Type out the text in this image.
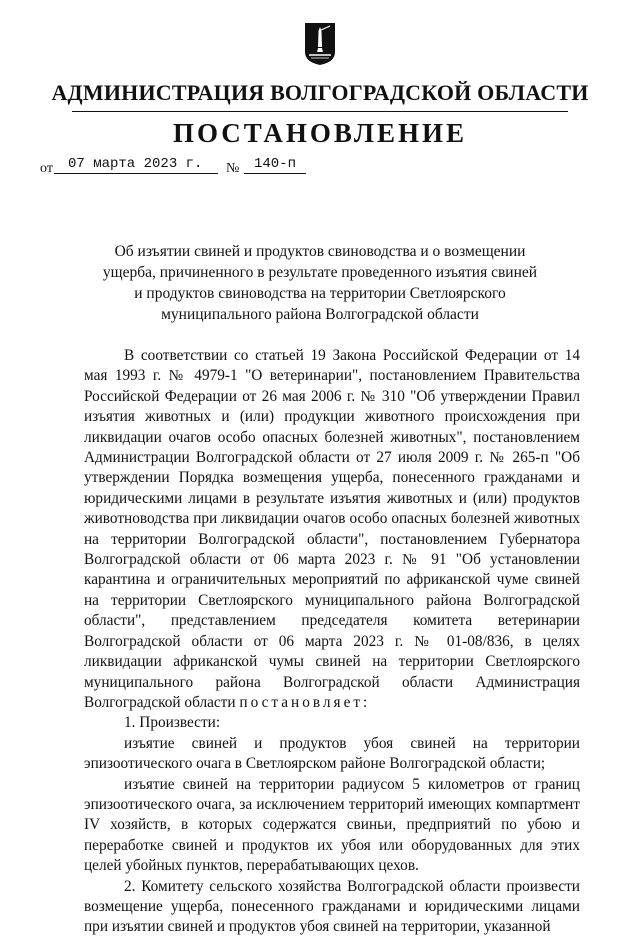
АДМИНИСТРАЦИЯ ВОЛГОГРАДСКОЙ ОБЛАСТИ
ПОСТАНОВЛЕНИЕ
от	07 марта 2023 г.	№	140-п
Об изъятии свиней и продуктов свиноводства и о возмещении ущерба, причиненного в результате проведенного изъятия свиней и продуктов свиноводства на территории Светлоярского муниципального района Волгоградской области

В соответствии со статьей 19 Закона Российской Федерации от 14 мая 1993 г. № 4979-1 "О ветеринарии", постановлением Правительства Российской Федерации от 26 мая 2006 г. № 310 "Об утверждении Правил изъятия животных и (или) продукции животного происхождения при ликвидации очагов особо опасных болезней животных", постановлением Администрации Волгоградской области от 27 июля 2009 г. № 265-п "Об утверждении Порядка возмещения ущерба, понесенного гражданами и юридическими лицами в результате изъятия животных и (или) продуктов животноводства при ликвидации очагов особо опасных болезней животных на территории Волгоградской области", постановлением Губернатора Волгоградской области от 06 марта 2023 г. № 91 "Об установлении карантина и ограничительных мероприятий по африканской чуме свиней на территории Светлоярского муниципального района Волгоградской области", представлением председателя комитета ветеринарии Волгоградской области от 06 марта 2023 г. № 01-08/836, в целях ликвидации африканской чумы свиней на территории Светлоярского муниципального района Волгоградской области Администрация Волгоградской области постановляет:

1. Произвести:

изъятие свиней и продуктов убоя свиней на территории эпизоотического очага в Светлоярском районе Волгоградской области;

изъятие свиней на территории радиусом 5 километров от границ эпизоотического очага, за исключением территорий имеющих компартмент IV хозяйств, в которых содержатся свиньи, предприятий по убою и переработке свиней и продуктов их убоя или оборудованных для этих целей убойных пунктов, перерабатывающих цехов.

2. Комитету сельского хозяйства Волгоградской области произвести возмещение ущерба, понесенного гражданами и юридическими лицами при изъятии свиней и продуктов убоя свиней на территории, указанной
